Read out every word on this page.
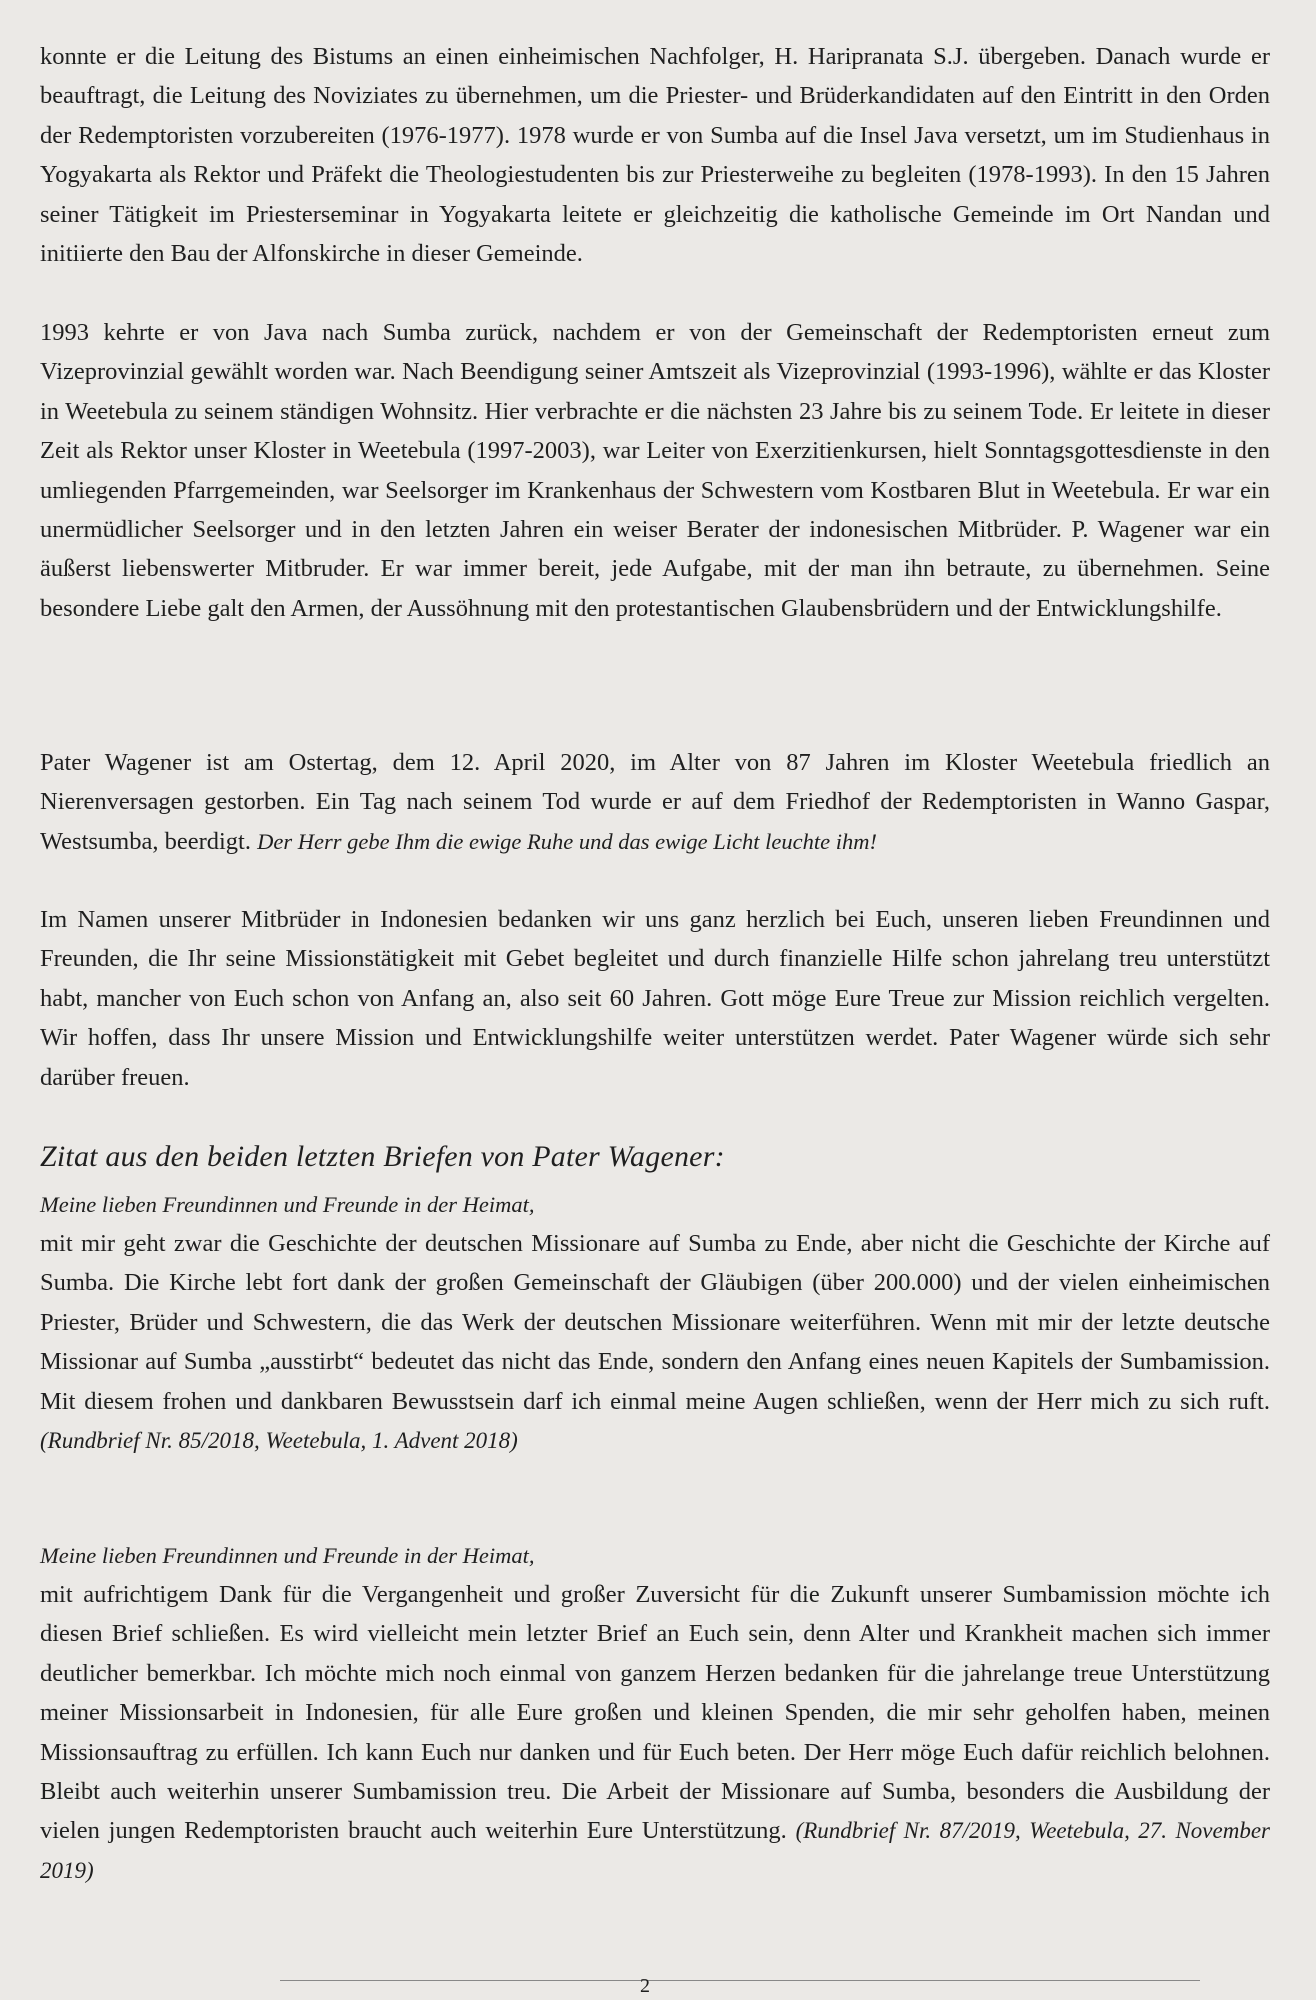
konnte er die Leitung des Bistums an einen einheimischen Nachfolger, H. Haripranata S.J. übergeben. Danach wurde er beauftragt, die Leitung des Noviziates zu übernehmen, um die Priester- und Brüderkandidaten auf den Eintritt in den Orden der Redemptoristen vorzubereiten (1976-1977). 1978 wurde er von Sumba auf die Insel Java versetzt, um im Studienhaus in Yogyakarta als Rektor und Präfekt die Theologiestudenten bis zur Priesterweihe zu begleiten (1978-1993). In den 15 Jahren seiner Tätigkeit im Priesterseminar in Yogyakarta leitete er gleichzeitig die katholische Gemeinde im Ort Nandan und initiierte den Bau der Alfonskirche in dieser Gemeinde.

1993 kehrte er von Java nach Sumba zurück, nachdem er von der Gemeinschaft der Redemptoristen erneut zum Vizeprovinzial gewählt worden war. Nach Beendigung seiner Amtszeit als Vizeprovinzial (1993-1996), wählte er das Kloster in Weetebula zu seinem ständigen Wohnsitz. Hier verbrachte er die nächsten 23 Jahre bis zu seinem Tode. Er leitete in dieser Zeit als Rektor unser Kloster in Weetebula (1997-2003), war Leiter von Exerzitienkursen, hielt Sonntagsgottesdienste in den umliegenden Pfarrgemeinden, war Seelsorger im Krankenhaus der Schwestern vom Kostbaren Blut in Weetebula. Er war ein unermüdlicher Seelsorger und in den letzten Jahren ein weiser Berater der indonesischen Mitbrüder. P. Wagener war ein äußerst liebenswerter Mitbruder. Er war immer bereit, jede Aufgabe, mit der man ihn betraute, zu übernehmen. Seine besondere Liebe galt den Armen, der Aussöhnung mit den protestantischen Glaubensbrüdern und der Entwicklungshilfe.

Pater Wagener ist am Ostertag, dem 12. April 2020, im Alter von 87 Jahren im Kloster Weetebula friedlich an Nierenversagen gestorben. Ein Tag nach seinem Tod wurde er auf dem Friedhof der Redemptoristen in Wanno Gaspar, Westsumba, beerdigt. Der Herr gebe Ihm die ewige Ruhe und das ewige Licht leuchte ihm!

Im Namen unserer Mitbrüder in Indonesien bedanken wir uns ganz herzlich bei Euch, unseren lieben Freundinnen und Freunden, die Ihr seine Missionstätigkeit mit Gebet begleitet und durch finanzielle Hilfe schon jahrelang treu unterstützt habt, mancher von Euch schon von Anfang an, also seit 60 Jahren. Gott möge Eure Treue zur Mission reichlich vergelten. Wir hoffen, dass Ihr unsere Mission und Entwicklungshilfe weiter unterstützen werdet. Pater Wagener würde sich sehr darüber freuen.

Zitat aus den beiden letzten Briefen von Pater Wagener:
Meine lieben Freundinnen und Freunde in der Heimat,

mit mir geht zwar die Geschichte der deutschen Missionare auf Sumba zu Ende, aber nicht die Geschichte der Kirche auf Sumba. Die Kirche lebt fort dank der großen Gemeinschaft der Gläubigen (über 200.000) und der vielen einheimischen Priester, Brüder und Schwestern, die das Werk der deutschen Missionare weiterführen. Wenn mit mir der letzte deutsche Missionar auf Sumba „ausstirbt“ bedeutet das nicht das Ende, sondern den Anfang eines neuen Kapitels der Sumbamission. Mit diesem frohen und dankbaren Bewusstsein darf ich einmal meine Augen schließen, wenn der Herr mich zu sich ruft. (Rundbrief Nr. 85/2018, Weetebula, 1. Advent 2018)

Meine lieben Freundinnen und Freunde in der Heimat,

mit aufrichtigem Dank für die Vergangenheit und großer Zuversicht für die Zukunft unserer Sumbamission möchte ich diesen Brief schließen. Es wird vielleicht mein letzter Brief an Euch sein, denn Alter und Krankheit machen sich immer deutlicher bemerkbar. Ich möchte mich noch einmal von ganzem Herzen bedanken für die jahrelange treue Unterstützung meiner Missionsarbeit in Indonesien, für alle Eure großen und kleinen Spenden, die mir sehr geholfen haben, meinen Missionsauftrag zu erfüllen. Ich kann Euch nur danken und für Euch beten. Der Herr möge Euch dafür reichlich belohnen. Bleibt auch weiterhin unserer Sumbamission treu. Die Arbeit der Missionare auf Sumba, besonders die Ausbildung der vielen jungen Redemptoristen braucht auch weiterhin Eure Unterstützung. (Rundbrief Nr. 87/2019, Weetebula, 27. November 2019)

2
